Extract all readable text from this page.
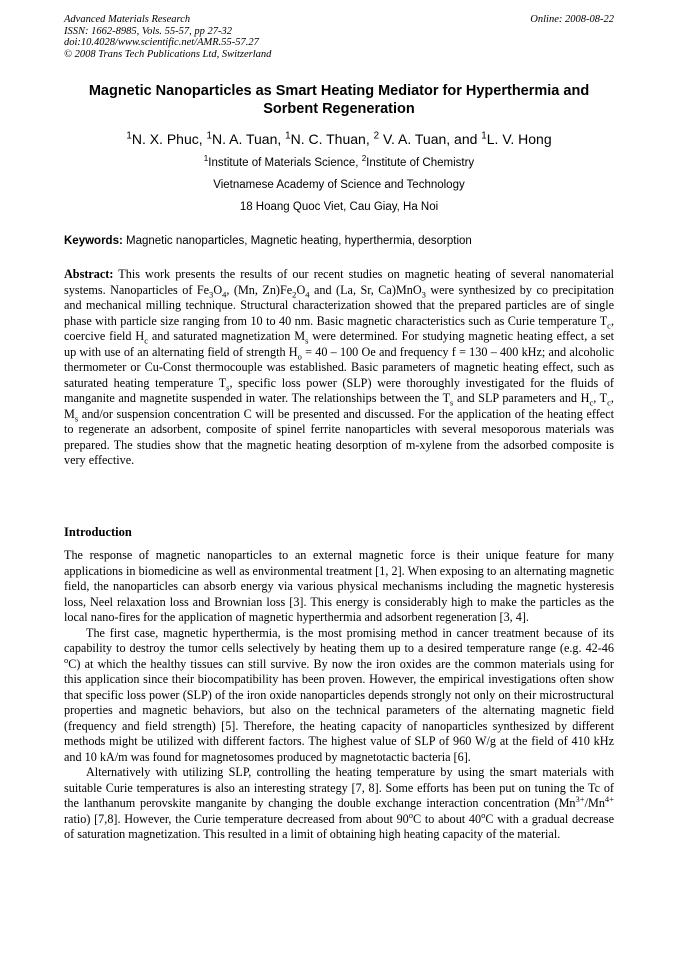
Advanced Materials Research
ISSN: 1662-8985, Vols. 55-57, pp 27-32
doi:10.4028/www.scientific.net/AMR.55-57.27
© 2008 Trans Tech Publications Ltd, Switzerland
Online: 2008-08-22
Magnetic Nanoparticles as Smart Heating Mediator for Hyperthermia and Sorbent Regeneration
$^1$N. X. Phuc, $^1$N. A. Tuan, $^1$N. C. Thuan, $^2$ V. A. Tuan, and $^1$L. V. Hong
$^1$Institute of Materials Science, $^2$Institute of Chemistry
Vietnamese Academy of Science and Technology
18 Hoang Quoc Viet, Cau Giay, Ha Noi
Keywords: Magnetic nanoparticles, Magnetic heating, hyperthermia, desorption
Abstract: This work presents the results of our recent studies on magnetic heating of several nanomaterial systems. Nanoparticles of $Fe_3O_4$, (Mn, $Zn)Fe_2O_4$ and (La, Sr, Ca)MnO$_3$ were synthesized by co precipitation and mechanical milling technique. Structural characterization showed that the prepared particles are of single phase with particle size ranging from 10 to 40 nm. Basic magnetic characteristics such as Curie temperature $T_c$, coercive field $H_c$ and saturated magnetization $M_s$ were determined. For studying magnetic heating effect, a set up with use of an alternating field of strength $H_o = 40 - 100$ Oe and frequency f = 130 – 400 kHz; and alcoholic thermometer or Cu-Const thermocouple was established. Basic parameters of magnetic heating effect, such as saturated heating temperature $T_s$, specific loss power (SLP) were thoroughly investigated for the fluids of manganite and magnetite suspended in water. The relationships between the $T_s$ and SLP parameters and $H_c$, $T_c$, $M_s$ and/or suspension concentration C will be presented and discussed. For the application of the heating effect to regenerate an adsorbent, composite of spinel ferrite nanoparticles with several mesoporous materials was prepared. The studies show that the magnetic heating desorption of m-xylene from the adsorbed composite is very effective.
Introduction

The response of magnetic nanoparticles to an external magnetic force is their unique feature for many applications in biomedicine as well as environmental treatment [1, 2]. When exposing to an alternating magnetic field, the nanoparticles can absorb energy via various physical mechanisms including the magnetic hysteresis loss, Neel relaxation loss and Brownian loss [3]. This energy is considerably high to make the particles as the local nano-fires for the application of magnetic hyperthermia and adsorbent regeneration [3, 4].

The first case, magnetic hyperthermia, is the most promising method in cancer treatment because of its capability to destroy the tumor cells selectively by heating them up to a desired temperature range (e.g. 42-46 $^o$C) at which the healthy tissues can still survive. By now the iron oxides are the common materials using for this application since their biocompatibility has been proven. However, the empirical investigations often show that specific loss power (SLP) of the iron oxide nanoparticles depends strongly not only on their microstructural properties and magnetic behaviors, but also on the technical parameters of the alternating magnetic field (frequency and field strength) [5]. Therefore, the heating capacity of nanoparticles synthesized by different methods might be utilized with different factors. The highest value of SLP of 960 W/g at the field of 410 kHz and 10 kA/m was found for magnetosomes produced by magnetotactic bacteria [6].

Alternatively with utilizing SLP, controlling the heating temperature by using the smart materials with suitable Curie temperatures is also an interesting strategy [7, 8]. Some efforts has been put on tuning the Tc of the lanthanum perovskite manganite by changing the double exchange interaction concentration ($Mn^{3+}/Mn^{4+}$ ratio) [7,8]. However, the Curie temperature decreased from about 90$^o$C to about 40$^o$C with a gradual decrease of saturation magnetization. This resulted in a limit of obtaining high heating capacity of the material.
